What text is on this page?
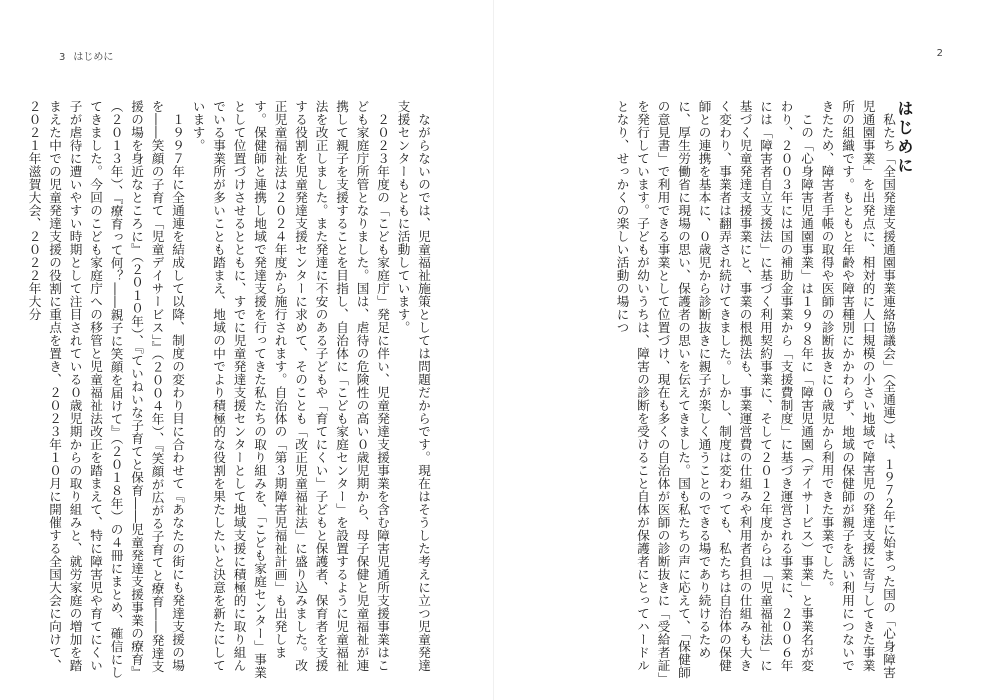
3 はじめに	2

ながらないのでは、児童福祉施策としては問題だからです。現在はそうした考えに立つ児童発達支援センターもともに活動しています。

２０２３年度の「こども家庭庁」発足に伴い、児童発達支援事業を含む障害児通所支援事業はこども家庭庁所管となりました。国は、虐待の危険性の高い０歳児期から、母子保健と児童福祉が連携して親子を支援することを目指し、自治体に「こども家庭センター」を設置するように児童福祉法を改正しました。また発達に不安のある子どもや「育てにくい」子どもと保護者、保育者を支援する役割を児童発達支援センターに求めて、そのことも「改正児童福祉法」に盛り込みました。改正児童福祉法は２０２４年度から施行されます。自治体の「第３期障害児福祉計画」も出発します。保健師と連携し地域で発達支援を行ってきた私たちの取り組みを、「こども家庭センター」事業として位置づけさせるとともに、すでに児童発達支援センターとして地域支援に積極的に取り組んでいる事業所が多いことも踏まえ、地域の中でより積極的な役割を果たしたいと決意を新たにしています。

１９９７年に全通連を結成して以降、制度の変わり目に合わせて『あなたの街にも発達支援の場を――笑顔の子育て「児童デイサービス」』（２００４年）、『笑顔が広がる子育てと療育――発達支援の場を身近なところに』（２０１０年）、『ていねいな子育てと保育――児童発達支援事業の療育』（２０１３年）、『療育って何？――親子に笑顔を届けて』（２０１８年）の４冊にまとめ、確信にしてきました。今回のこども家庭庁への移管と児童福祉法改正を踏まえて、特に障害児や育てにくい子が虐待に遭いやすい時期として注目されている０歳児期からの取り組みと、就労家庭の増加を踏まえた中での児童発達支援の役割に重点を置き、２０２３年１０月に開催する全国大会に向けて、２０２１年滋賀大会、２０２２年大分	はじめに

私たち「全国発達支援通園事業連絡協議会」（全通連）は、１９７２年に始まった国の「心身障害児通園事業」を出発点に、相対的に人口規模の小さい地域で障害児の発達支援に寄与してきた事業所の組織です。もともと年齢や障害種別にかかわらず、地域の保健師が親子を誘い利用につないできたため、障害者手帳の取得や医師の診断抜きに０歳児から利用できた事業でした。

この「心身障害児通園事業」は１９９８年に「障害児通園（デイサービス）事業」と事業名が変わり、２００３年には国の補助金事業から「支援費制度」に基づき運営される事業に、２００６年には「障害者自立支援法」に基づく利用契約事業に、そして２０１２年度からは「児童福祉法」に基づく児童発達支援事業にと、事業の根拠法も、事業運営費の仕組みや利用者負担の仕組みも大きく変わり、事業者は翻弄され続けてきました。しかし、制度は変わっても、私たちは自治体の保健師との連携を基本に、０歳児から診断抜きに親子が楽しく通うことのできる場であり続けるために、厚生労働省に現場の思い、保護者の思いを伝えてきました。国も私たちの声に応えて、「保健師の意見書」で利用できる事業として位置づけ、現在も多くの自治体が医師の診断抜きに「受給者証」を発行しています。子どもが幼いうちは、障害の診断を受けること自体が保護者にとってハードルとなり、せっかくの楽しい活動の場につ
